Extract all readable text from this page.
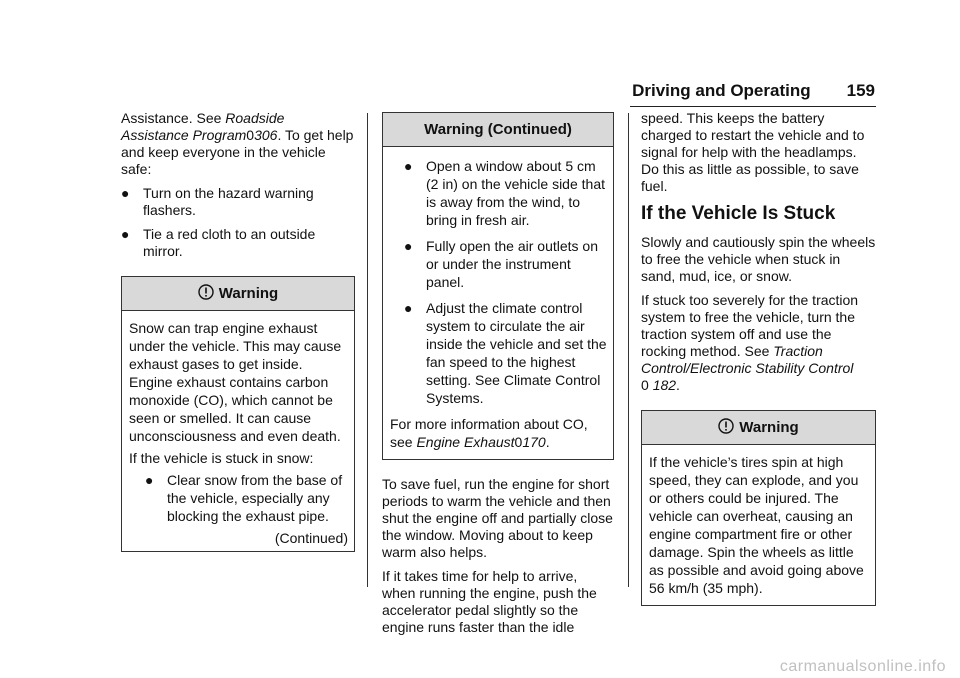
Driving and Operating 159

Assistance. See Roadside Assistance Program0306. To get help and keep everyone in the vehicle safe:

● Turn on the hazard warning flashers.
● Tie a red cloth to an outside mirror.
Warning

Snow can trap engine exhaust under the vehicle. This may cause exhaust gases to get inside. Engine exhaust contains carbon monoxide (CO), which cannot be seen or smelled. It can cause unconsciousness and even death.

If the vehicle is stuck in snow:

● Clear snow from the base of the vehicle, especially any blocking the exhaust pipe.
(Continued)
Warning (Continued)
● Open a window about 5 cm (2 in) on the vehicle side that is away from the wind, to bring in fresh air.
● Fully open the air outlets on or under the instrument panel.
● Adjust the climate control system to circulate the air inside the vehicle and set the fan speed to the highest setting. See Climate Control Systems.

For more information about CO, see Engine Exhaust0170.

To save fuel, run the engine for short periods to warm the vehicle and then shut the engine off and partially close the window. Moving about to keep warm also helps.

If it takes time for help to arrive, when running the engine, push the accelerator pedal slightly so the engine runs faster than the idle

speed. This keeps the battery charged to restart the vehicle and to signal for help with the headlamps. Do this as little as possible, to save fuel.

If the Vehicle Is Stuck

Slowly and cautiously spin the wheels to free the vehicle when stuck in sand, mud, ice, or snow.

If stuck too severely for the traction system to free the vehicle, turn the traction system off and use the rocking method. See Traction Control/Electronic Stability Control
0 182.

Warning

If the vehicle’s tires spin at high speed, they can explode, and you or others could be injured. The vehicle can overheat, causing an engine compartment fire or other damage. Spin the wheels as little as possible and avoid going above 56 km/h (35 mph).

carmanualsonline.info
